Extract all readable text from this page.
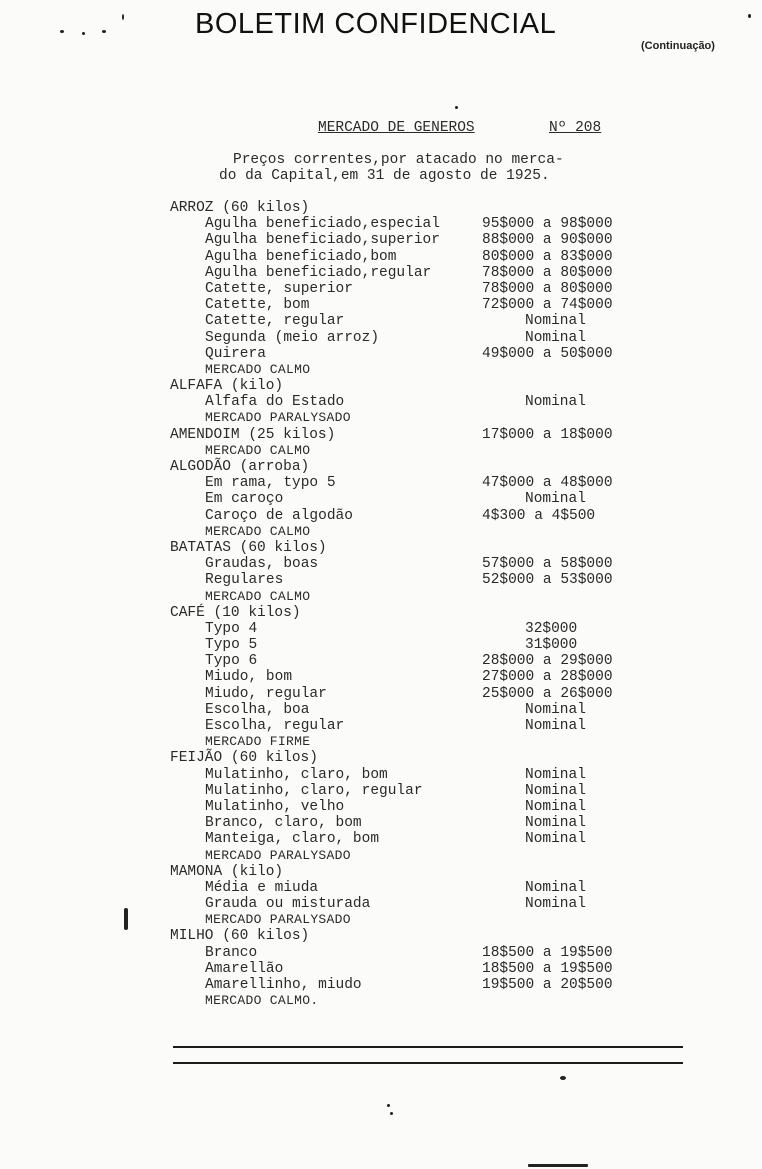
BOLETIM CONFIDENCIAL
(Continuação)
MERCADO DE GENEROS	Nº 208
Preços correntes,por atacado no merca-
do da Capital,em 31 de agosto de 1925.
ARROZ (60 kilos)
Agulha beneficiado,especial	95$000 a 98$000
Agulha beneficiado,superior	88$000 a 90$000
Agulha beneficiado,bom	80$000 a 83$000
Agulha beneficiado,regular	78$000 a 80$000
Catette, superior	78$000 a 80$000
Catette, bom	72$000 a 74$000
Catette, regular	Nominal
Segunda (meio arroz)	Nominal
Quirera	49$000 a 50$000
MERCADO CALMO
ALFAFA (kilo)
Alfafa do Estado	Nominal
MERCADO PARALYSADO
AMENDOIM (25 kilos)	17$000 a 18$000
MERCADO CALMO
ALGODÃO (arroba)
Em rama, typo 5	47$000 a 48$000
Em caroço	Nominal
Caroço de algodão	4$300 a 4$500
MERCADO CALMO
BATATAS (60 kilos)
Graudas, boas	57$000 a 58$000
Regulares	52$000 a 53$000
MERCADO CALMO
CAFÉ (10 kilos)
Typo 4	32$000
Typo 5	31$000
Typo 6	28$000 a 29$000
Miudo, bom	27$000 a 28$000
Miudo, regular	25$000 a 26$000
Escolha, boa	Nominal
Escolha, regular	Nominal
MERCADO FIRME
FEIJÃO (60 kilos)
Mulatinho, claro, bom	Nominal
Mulatinho, claro, regular	Nominal
Mulatinho, velho	Nominal
Branco, claro, bom	Nominal
Manteiga, claro, bom	Nominal
MERCADO PARALYSADO
MAMONA (kilo)
Média e miuda	Nominal
Grauda ou misturada	Nominal
MERCADO PARALYSADO
MILHO (60 kilos)
Branco	18$500 a 19$500
Amarellão	18$500 a 19$500
Amarellinho, miudo	19$500 a 20$500
MERCADO CALMO.
